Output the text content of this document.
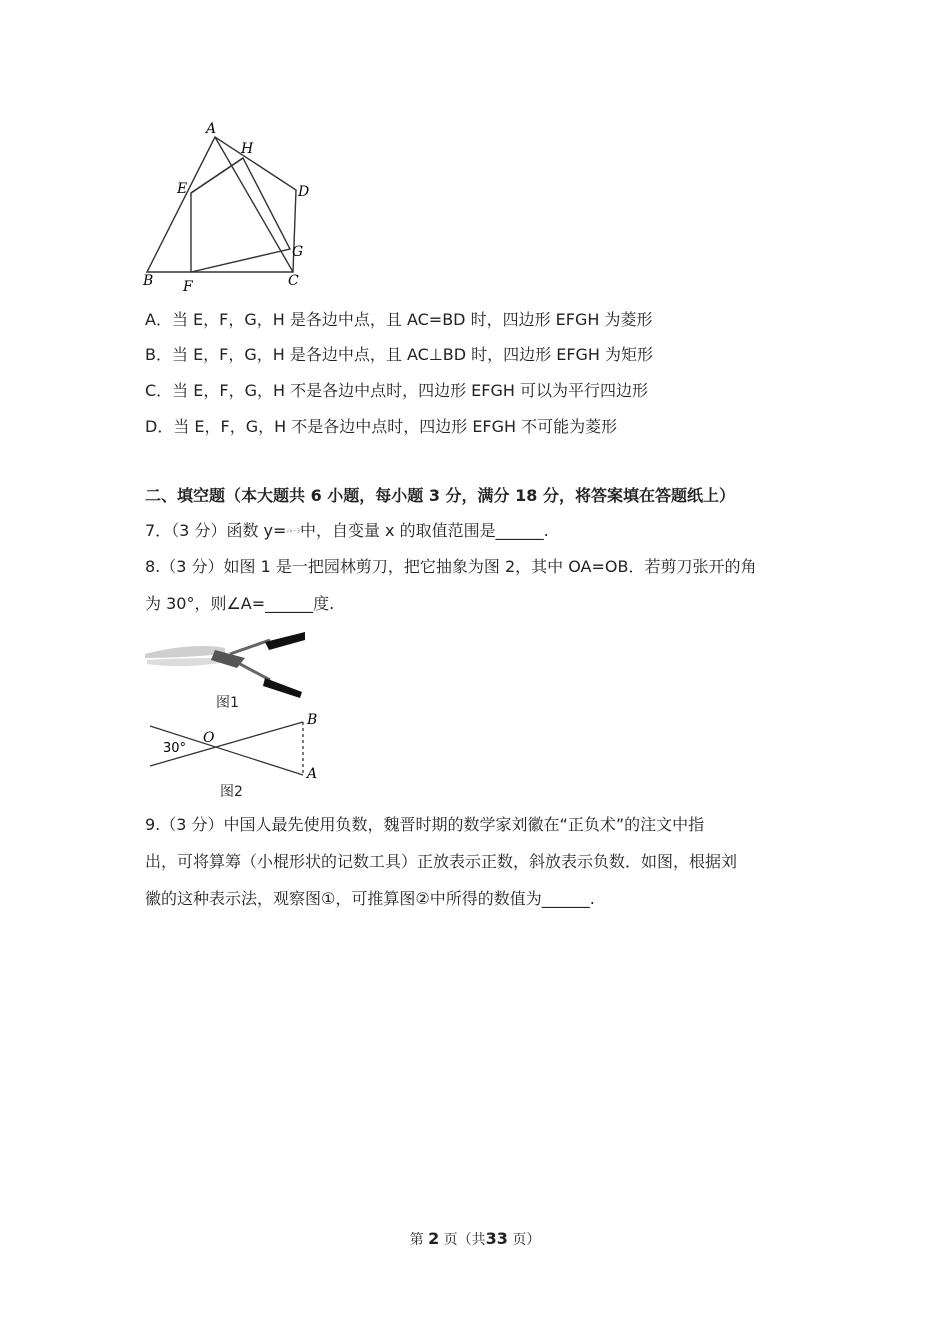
A
H
E	D
G
B F	C
A．当 E，F，G，H 是各边中点，且 AC=BD 时，四边形 EFGH 为菱形
B．当 E，F，G，H 是各边中点，且 AC⊥BD 时，四边形 EFGH 为矩形
C．当 E，F，G，H 不是各边中点时，四边形 EFGH 可以为平行四边形
D．当 E，F，G，H 不是各边中点时，四边形 EFGH 不可能为菱形
二、填空题（本大题共 6 小题，每小题 3 分，满分 18 分，将答案填在答题纸上）
7．（3 分）函数 y=√x−3中，自变量 x 的取值范围是______.
8.（3 分）如图 1 是一把园林剪刀，把它抽象为图 2，其中 OA=OB．若剪刀张开的角
为 30°，则∠A=______度.
图1
30°
O
B
A
图2
9.（3 分）中国人最先使用负数，魏晋时期的数学家刘徽在“正负术”的注文中指
出，可将算筹（小棍形状的记数工具）正放表示正数，斜放表示负数．如图，根据刘
徽的这种表示法，观察图①，可推算图②中所得的数值为______.
第 2 页（共33 页）
